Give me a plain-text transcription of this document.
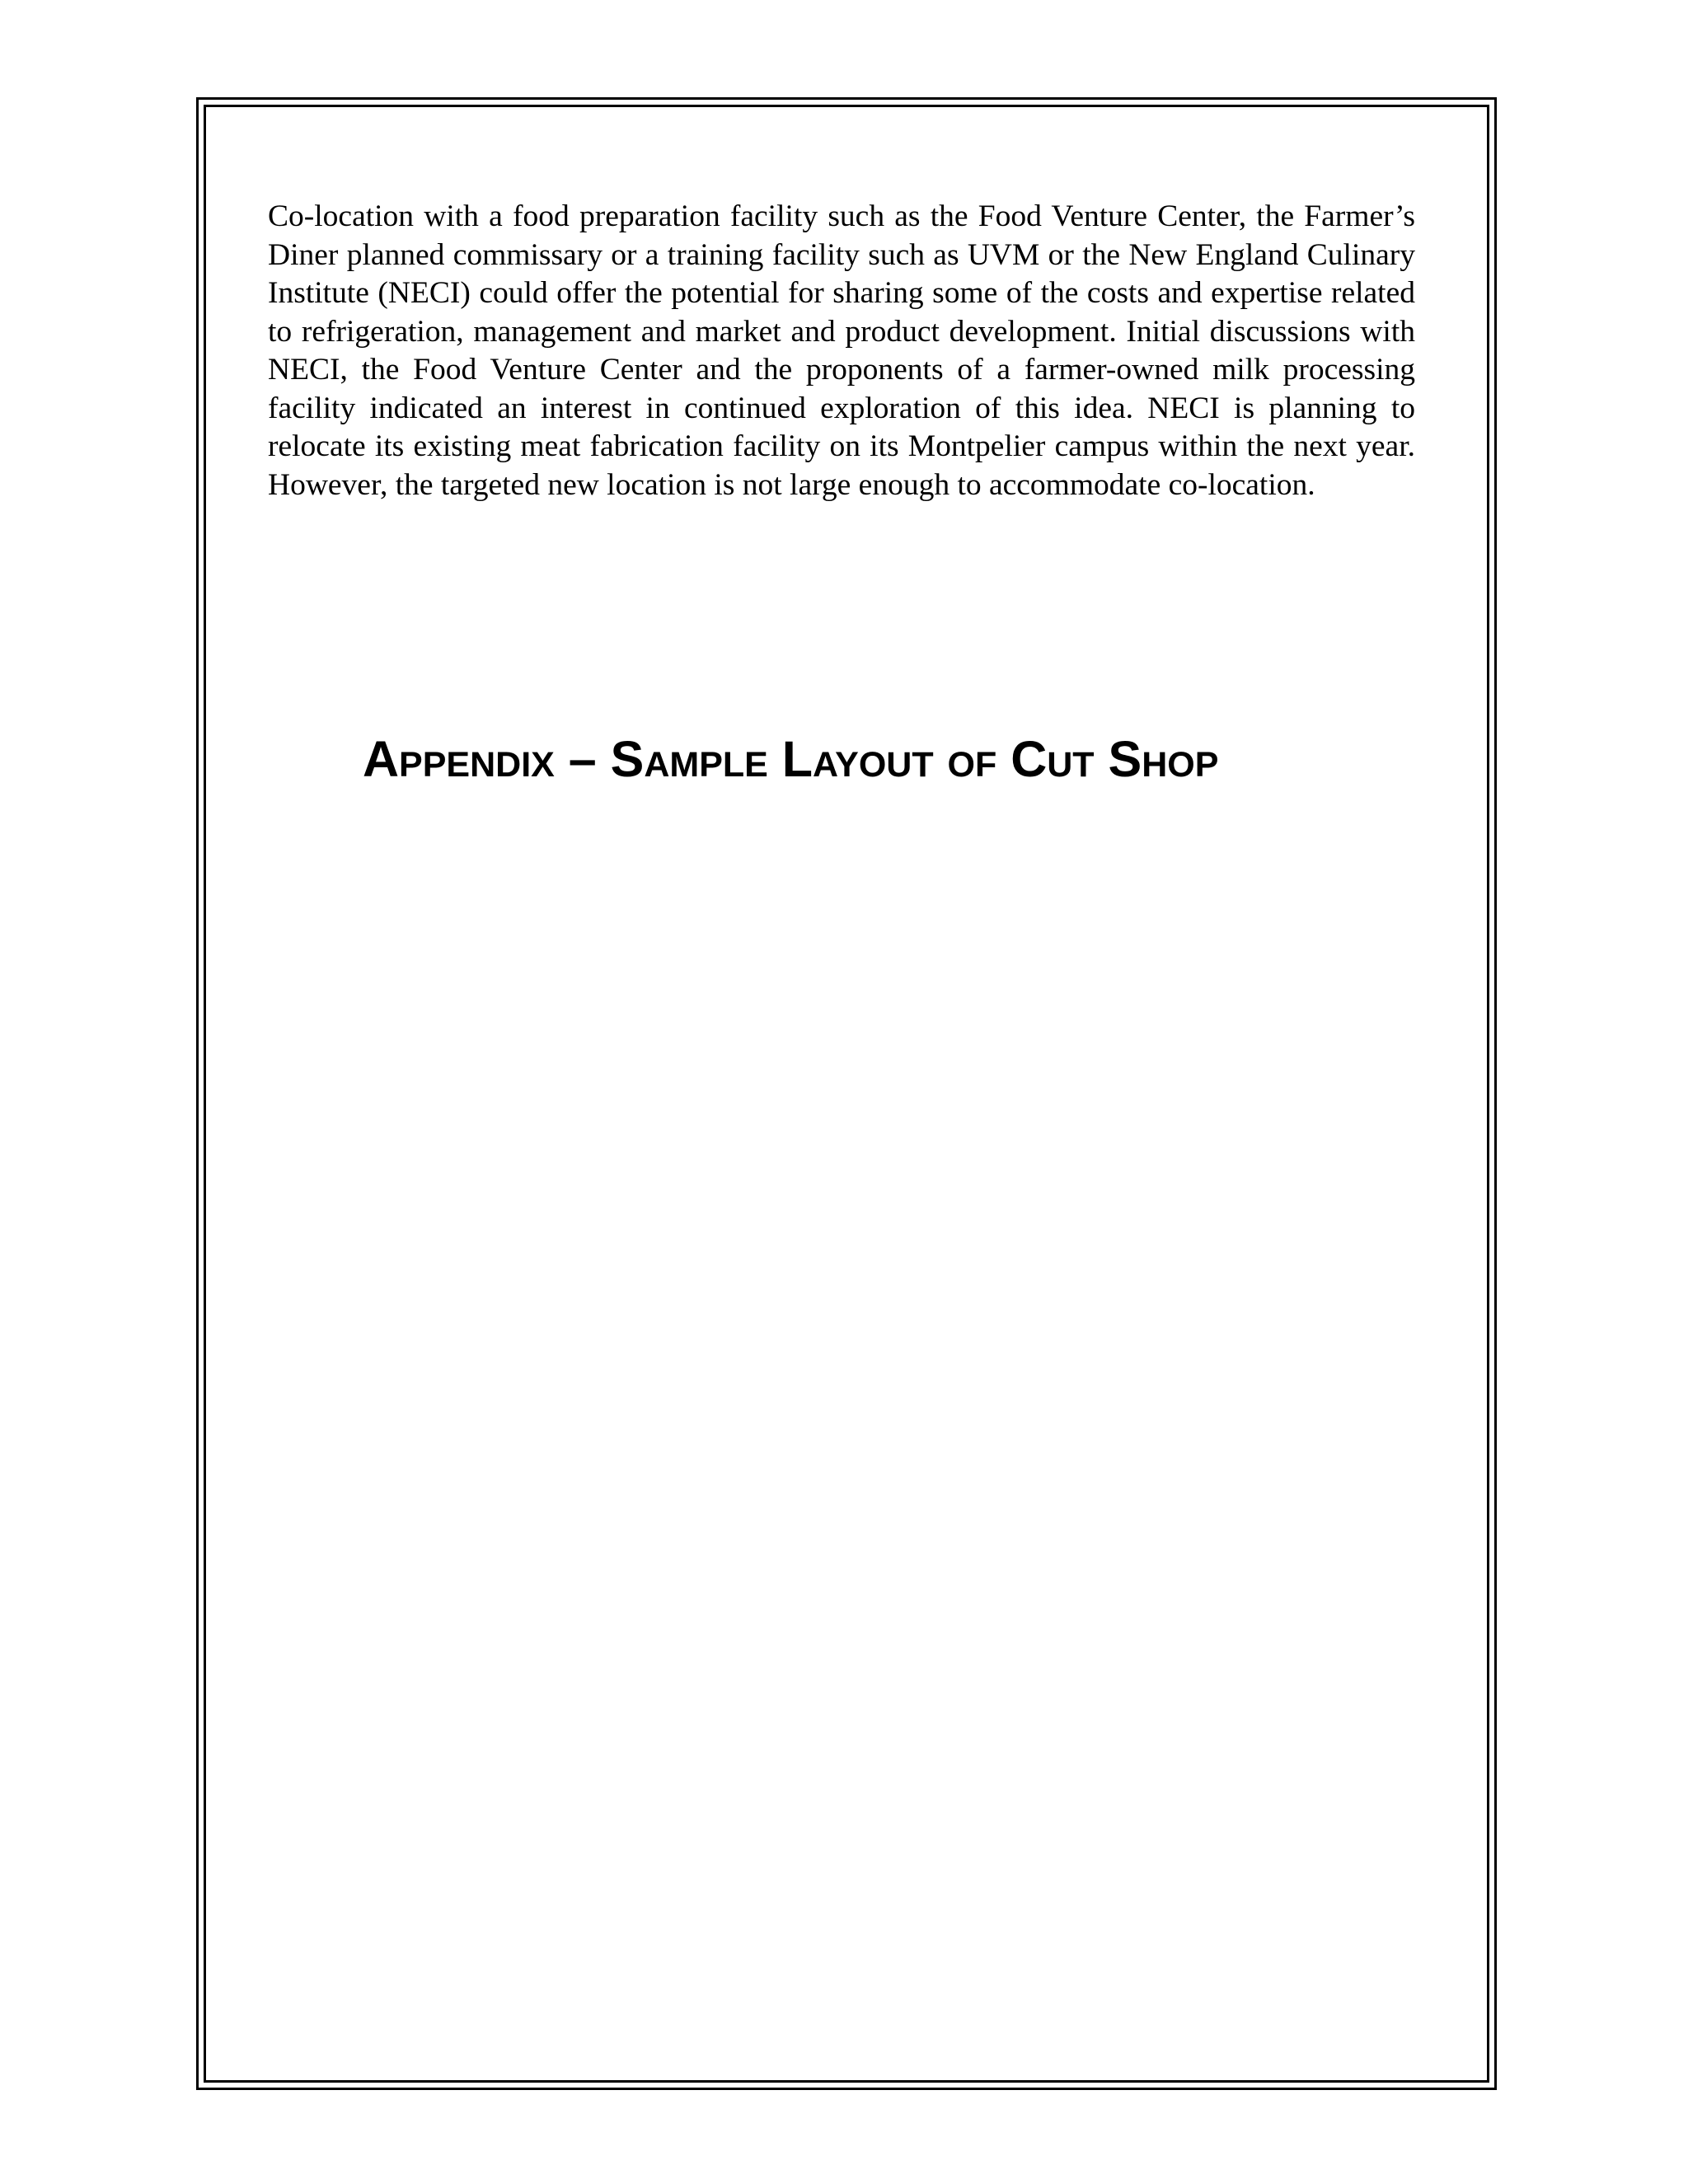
Co-location with a food preparation facility such as the Food Venture Center, the Farmer’s Diner planned commissary or a training facility such as UVM or the New England Culinary Institute (NECI) could offer the potential for sharing some of the costs and expertise related to refrigeration, management and market and product development. Initial discussions with NECI, the Food Venture Center and the proponents of a farmer-owned milk processing facility indicated an interest in continued exploration of this idea. NECI is planning to relocate its existing meat fabrication facility on its Montpelier campus within the next year. However, the targeted new location is not large enough to accommodate co-location.

Appendix – Sample Layout of Cut Shop
